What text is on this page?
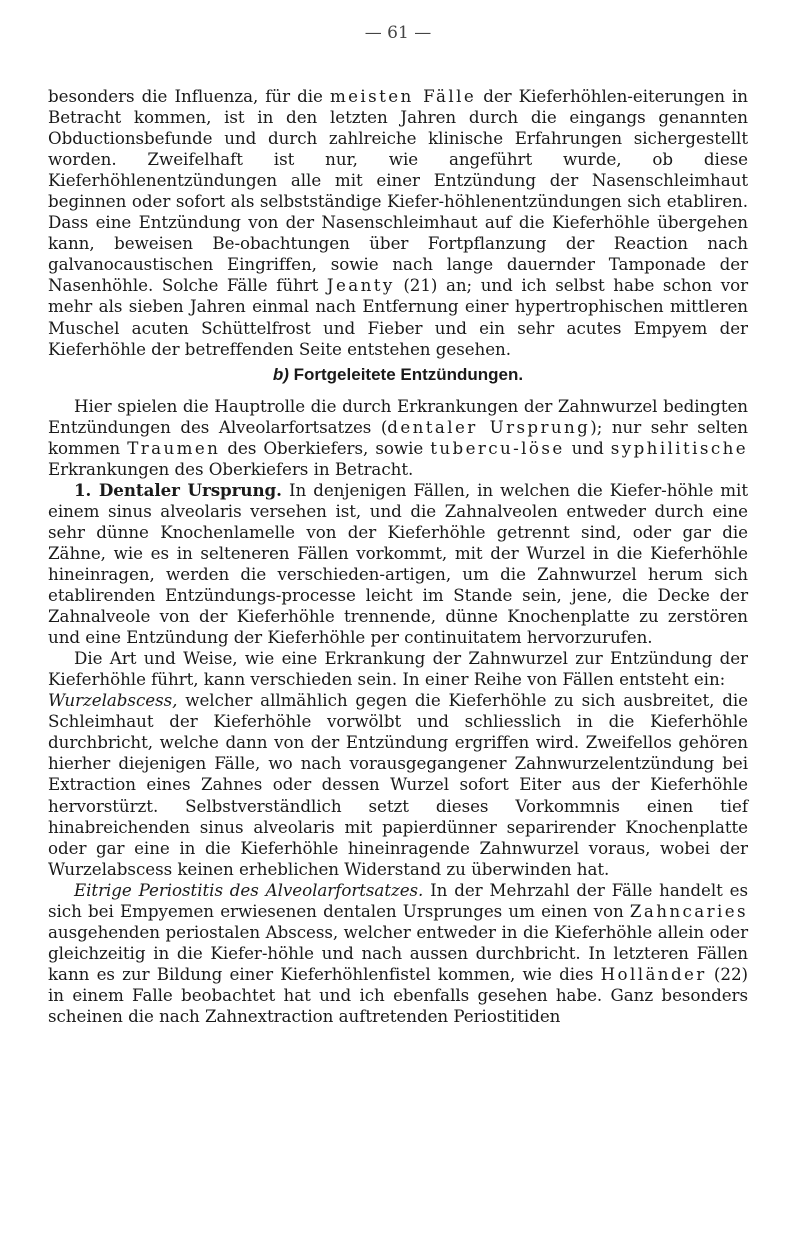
— 61 —

besonders die Influenza, für die meisten Fälle der Kieferhöhlen-eiterungen in Betracht kommen, ist in den letzten Jahren durch die eingangs genannten Obductionsbefunde und durch zahlreiche klinische Erfahrungen sichergestellt worden. Zweifelhaft ist nur, wie angeführt wurde, ob diese Kieferhöhlenentzündungen alle mit einer Entzündung der Nasenschleimhaut beginnen oder sofort als selbstständige Kiefer-höhlenentzündungen sich etabliren. Dass eine Entzündung von der Nasenschleimhaut auf die Kieferhöhle übergehen kann, beweisen Be-obachtungen über Fortpflanzung der Reaction nach galvanocaustischen Eingriffen, sowie nach lange dauernder Tamponade der Nasenhöhle. Solche Fälle führt Jeanty (21) an; und ich selbst habe schon vor mehr als sieben Jahren einmal nach Entfernung einer hypertrophischen mittleren Muschel acuten Schüttelfrost und Fieber und ein sehr acutes Empyem der Kieferhöhle der betreffenden Seite entstehen gesehen.

b) Fortgeleitete Entzündungen.

Hier spielen die Hauptrolle die durch Erkrankungen der Zahnwurzel bedingten Entzündungen des Alveolarfortsatzes (dentaler Ursprung); nur sehr selten kommen Traumen des Oberkiefers, sowie tubercu-löse und syphilitische Erkrankungen des Oberkiefers in Betracht.

1. Dentaler Ursprung. In denjenigen Fällen, in welchen die Kiefer-höhle mit einem sinus alveolaris versehen ist, und die Zahnalveolen entweder durch eine sehr dünne Knochenlamelle von der Kieferhöhle getrennt sind, oder gar die Zähne, wie es in selteneren Fällen vorkommt, mit der Wurzel in die Kieferhöhle hineinragen, werden die verschieden-artigen, um die Zahnwurzel herum sich etablirenden Entzündungs-processe leicht im Stande sein, jene, die Decke der Zahnalveole von der Kieferhöhle trennende, dünne Knochenplatte zu zerstören und eine Entzündung der Kieferhöhle per continuitatem hervorzurufen.

Die Art und Weise, wie eine Erkrankung der Zahnwurzel zur Entzündung der Kieferhöhle führt, kann verschieden sein. In einer Reihe von Fällen entsteht ein:

Wurzelabscess, welcher allmählich gegen die Kieferhöhle zu sich ausbreitet, die Schleimhaut der Kieferhöhle vorwölbt und schliesslich in die Kieferhöhle durchbricht, welche dann von der Entzündung ergriffen wird. Zweifellos gehören hierher diejenigen Fälle, wo nach vorausgegangener Zahnwurzelentzündung bei Extraction eines Zahnes oder dessen Wurzel sofort Eiter aus der Kieferhöhle hervorstürzt. Selbstverständlich setzt dieses Vorkommnis einen tief hinabreichenden sinus alveolaris mit papierdünner separirender Knochenplatte oder gar eine in die Kieferhöhle hineinragende Zahnwurzel voraus, wobei der Wurzelabscess keinen erheblichen Widerstand zu überwinden hat.

Eitrige Periostitis des Alveolarfortsatzes. In der Mehrzahl der Fälle handelt es sich bei Empyemen erwiesenen dentalen Ursprunges um einen von Zahncaries ausgehenden periostalen Abscess, welcher entweder in die Kieferhöhle allein oder gleichzeitig in die Kiefer-höhle und nach aussen durchbricht. In letzteren Fällen kann es zur Bildung einer Kieferhöhlenfistel kommen, wie dies Holländer (22) in einem Falle beobachtet hat und ich ebenfalls gesehen habe. Ganz besonders scheinen die nach Zahnextraction auftretenden Periostitiden
